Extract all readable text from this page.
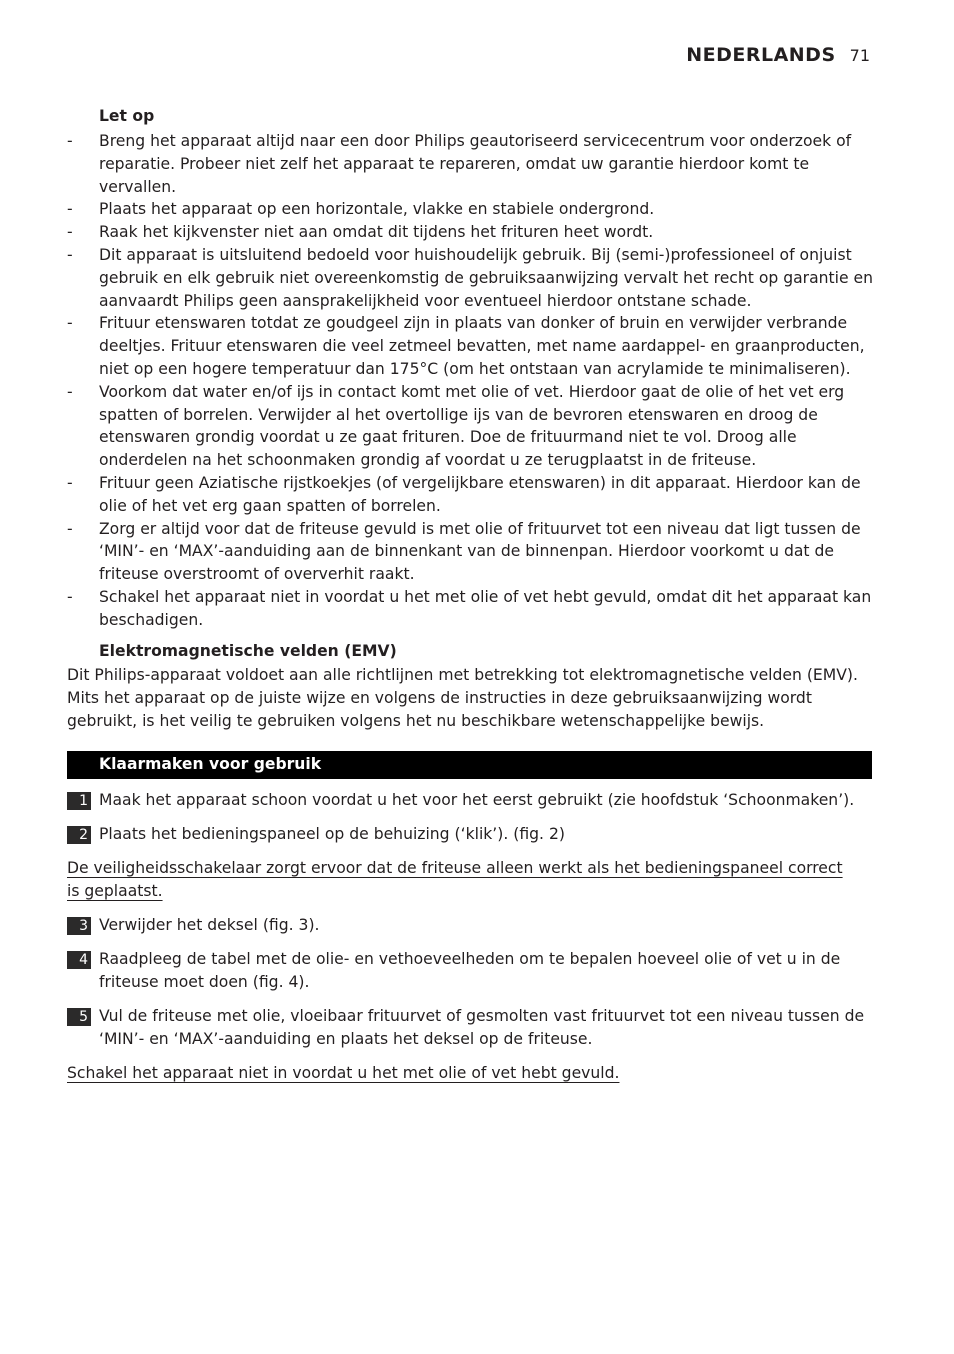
NEDERLANDS 71
Let op
- Breng het apparaat altijd naar een door Philips geautoriseerd servicecentrum voor onderzoek of reparatie. Probeer niet zelf het apparaat te repareren, omdat uw garantie hierdoor komt te vervallen.
- Plaats het apparaat op een horizontale, vlakke en stabiele ondergrond.
- Raak het kijkvenster niet aan omdat dit tijdens het frituren heet wordt.
- Dit apparaat is uitsluitend bedoeld voor huishoudelijk gebruik. Bij (semi-)professioneel of onjuist gebruik en elk gebruik niet overeenkomstig de gebruiksaanwijzing vervalt het recht op garantie en aanvaardt Philips geen aansprakelijkheid voor eventueel hierdoor ontstane schade.
- Frituur etenswaren totdat ze goudgeel zijn in plaats van donker of bruin en verwijder verbrande deeltjes. Frituur etenswaren die veel zetmeel bevatten, met name aardappel- en graanproducten, niet op een hogere temperatuur dan 175°C (om het ontstaan van acrylamide te minimaliseren).
- Voorkom dat water en/of ijs in contact komt met olie of vet. Hierdoor gaat de olie of het vet erg spatten of borrelen. Verwijder al het overtollige ijs van de bevroren etenswaren en droog de etenswaren grondig voordat u ze gaat frituren. Doe de frituurmand niet te vol. Droog alle onderdelen na het schoonmaken grondig af voordat u ze terugplaatst in de friteuse.
- Frituur geen Aziatische rijstkoekjes (of vergelijkbare etenswaren) in dit apparaat. Hierdoor kan de olie of het vet erg gaan spatten of borrelen.
- Zorg er altijd voor dat de friteuse gevuld is met olie of frituurvet tot een niveau dat ligt tussen de ‘MIN’- en ‘MAX’-aanduiding aan de binnenkant van de binnenpan. Hierdoor voorkomt u dat de friteuse overstroomt of oververhit raakt.
- Schakel het apparaat niet in voordat u het met olie of vet hebt gevuld, omdat dit het apparaat kan beschadigen.
Elektromagnetische velden (EMV)
Dit Philips-apparaat voldoet aan alle richtlijnen met betrekking tot elektromagnetische velden (EMV). Mits het apparaat op de juiste wijze en volgens de instructies in deze gebruiksaanwijzing wordt gebruikt, is het veilig te gebruiken volgens het nu beschikbare wetenschappelijke bewijs.
Klaarmaken voor gebruik
1 Maak het apparaat schoon voordat u het voor het eerst gebruikt (zie hoofdstuk ‘Schoonmaken’).
2 Plaats het bedieningspaneel op de behuizing (‘klik’). (fig. 2)
De veiligheidsschakelaar zorgt ervoor dat de friteuse alleen werkt als het bedieningspaneel correct is geplaatst.
3 Verwijder het deksel (fig. 3).
4 Raadpleeg de tabel met de olie- en vethoeveelheden om te bepalen hoeveel olie of vet u in de friteuse moet doen (fig. 4).
5 Vul de friteuse met olie, vloeibaar frituurvet of gesmolten vast frituurvet tot een niveau tussen de ‘MIN’- en ‘MAX’-aanduiding en plaats het deksel op de friteuse.
Schakel het apparaat niet in voordat u het met olie of vet hebt gevuld.
